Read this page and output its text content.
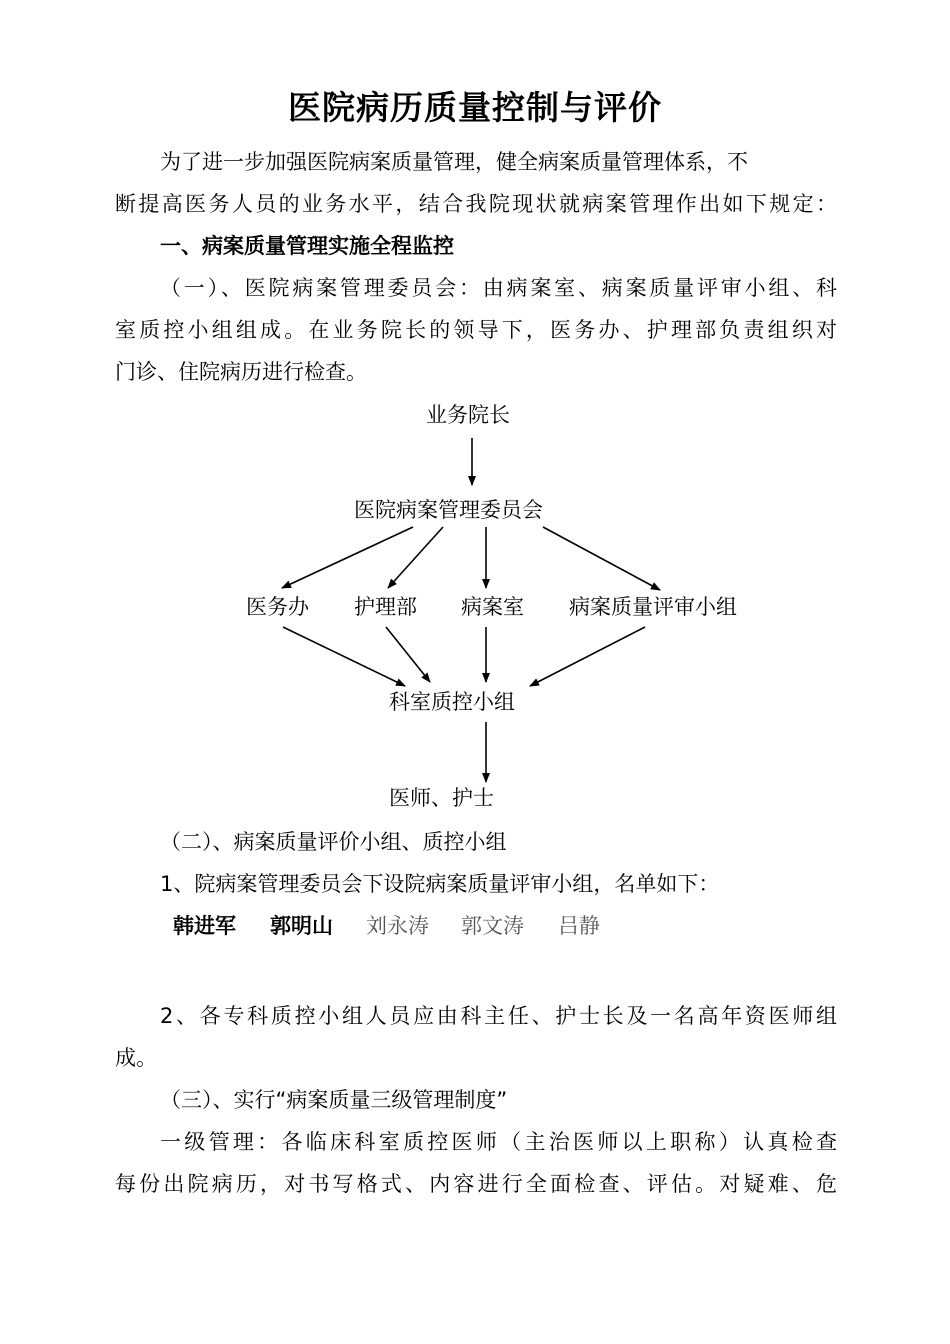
医院病历质量控制与评价
为了进一步加强医院病案质量管理，健全病案质量管理体系，不
断提高医务人员的业务水平，结合我院现状就病案管理作出如下规定：
一、病案质量管理实施全程监控
（一）、医院病案管理委员会：由病案室、病案质量评审小组、科
室质控小组组成。在业务院长的领导下，医务办、护理部负责组织对
门诊、住院病历进行检查。
业务院长
医院病案管理委员会
医务办 护理部 病案室 病案质量评审小组
科室质控小组
医师、护士
（二）、病案质量评价小组、质控小组
1、院病案管理委员会下设院病案质量评审小组，名单如下：
韩进军 郭明山 刘永涛 郭文涛 吕静
2、各专科质控小组人员应由科主任、护士长及一名高年资医师组
成。
（三）、实行“病案质量三级管理制度”
一级管理：各临床科室质控医师（主治医师以上职称）认真检查
每份出院病历，对书写格式、内容进行全面检查、评估。对疑难、危
